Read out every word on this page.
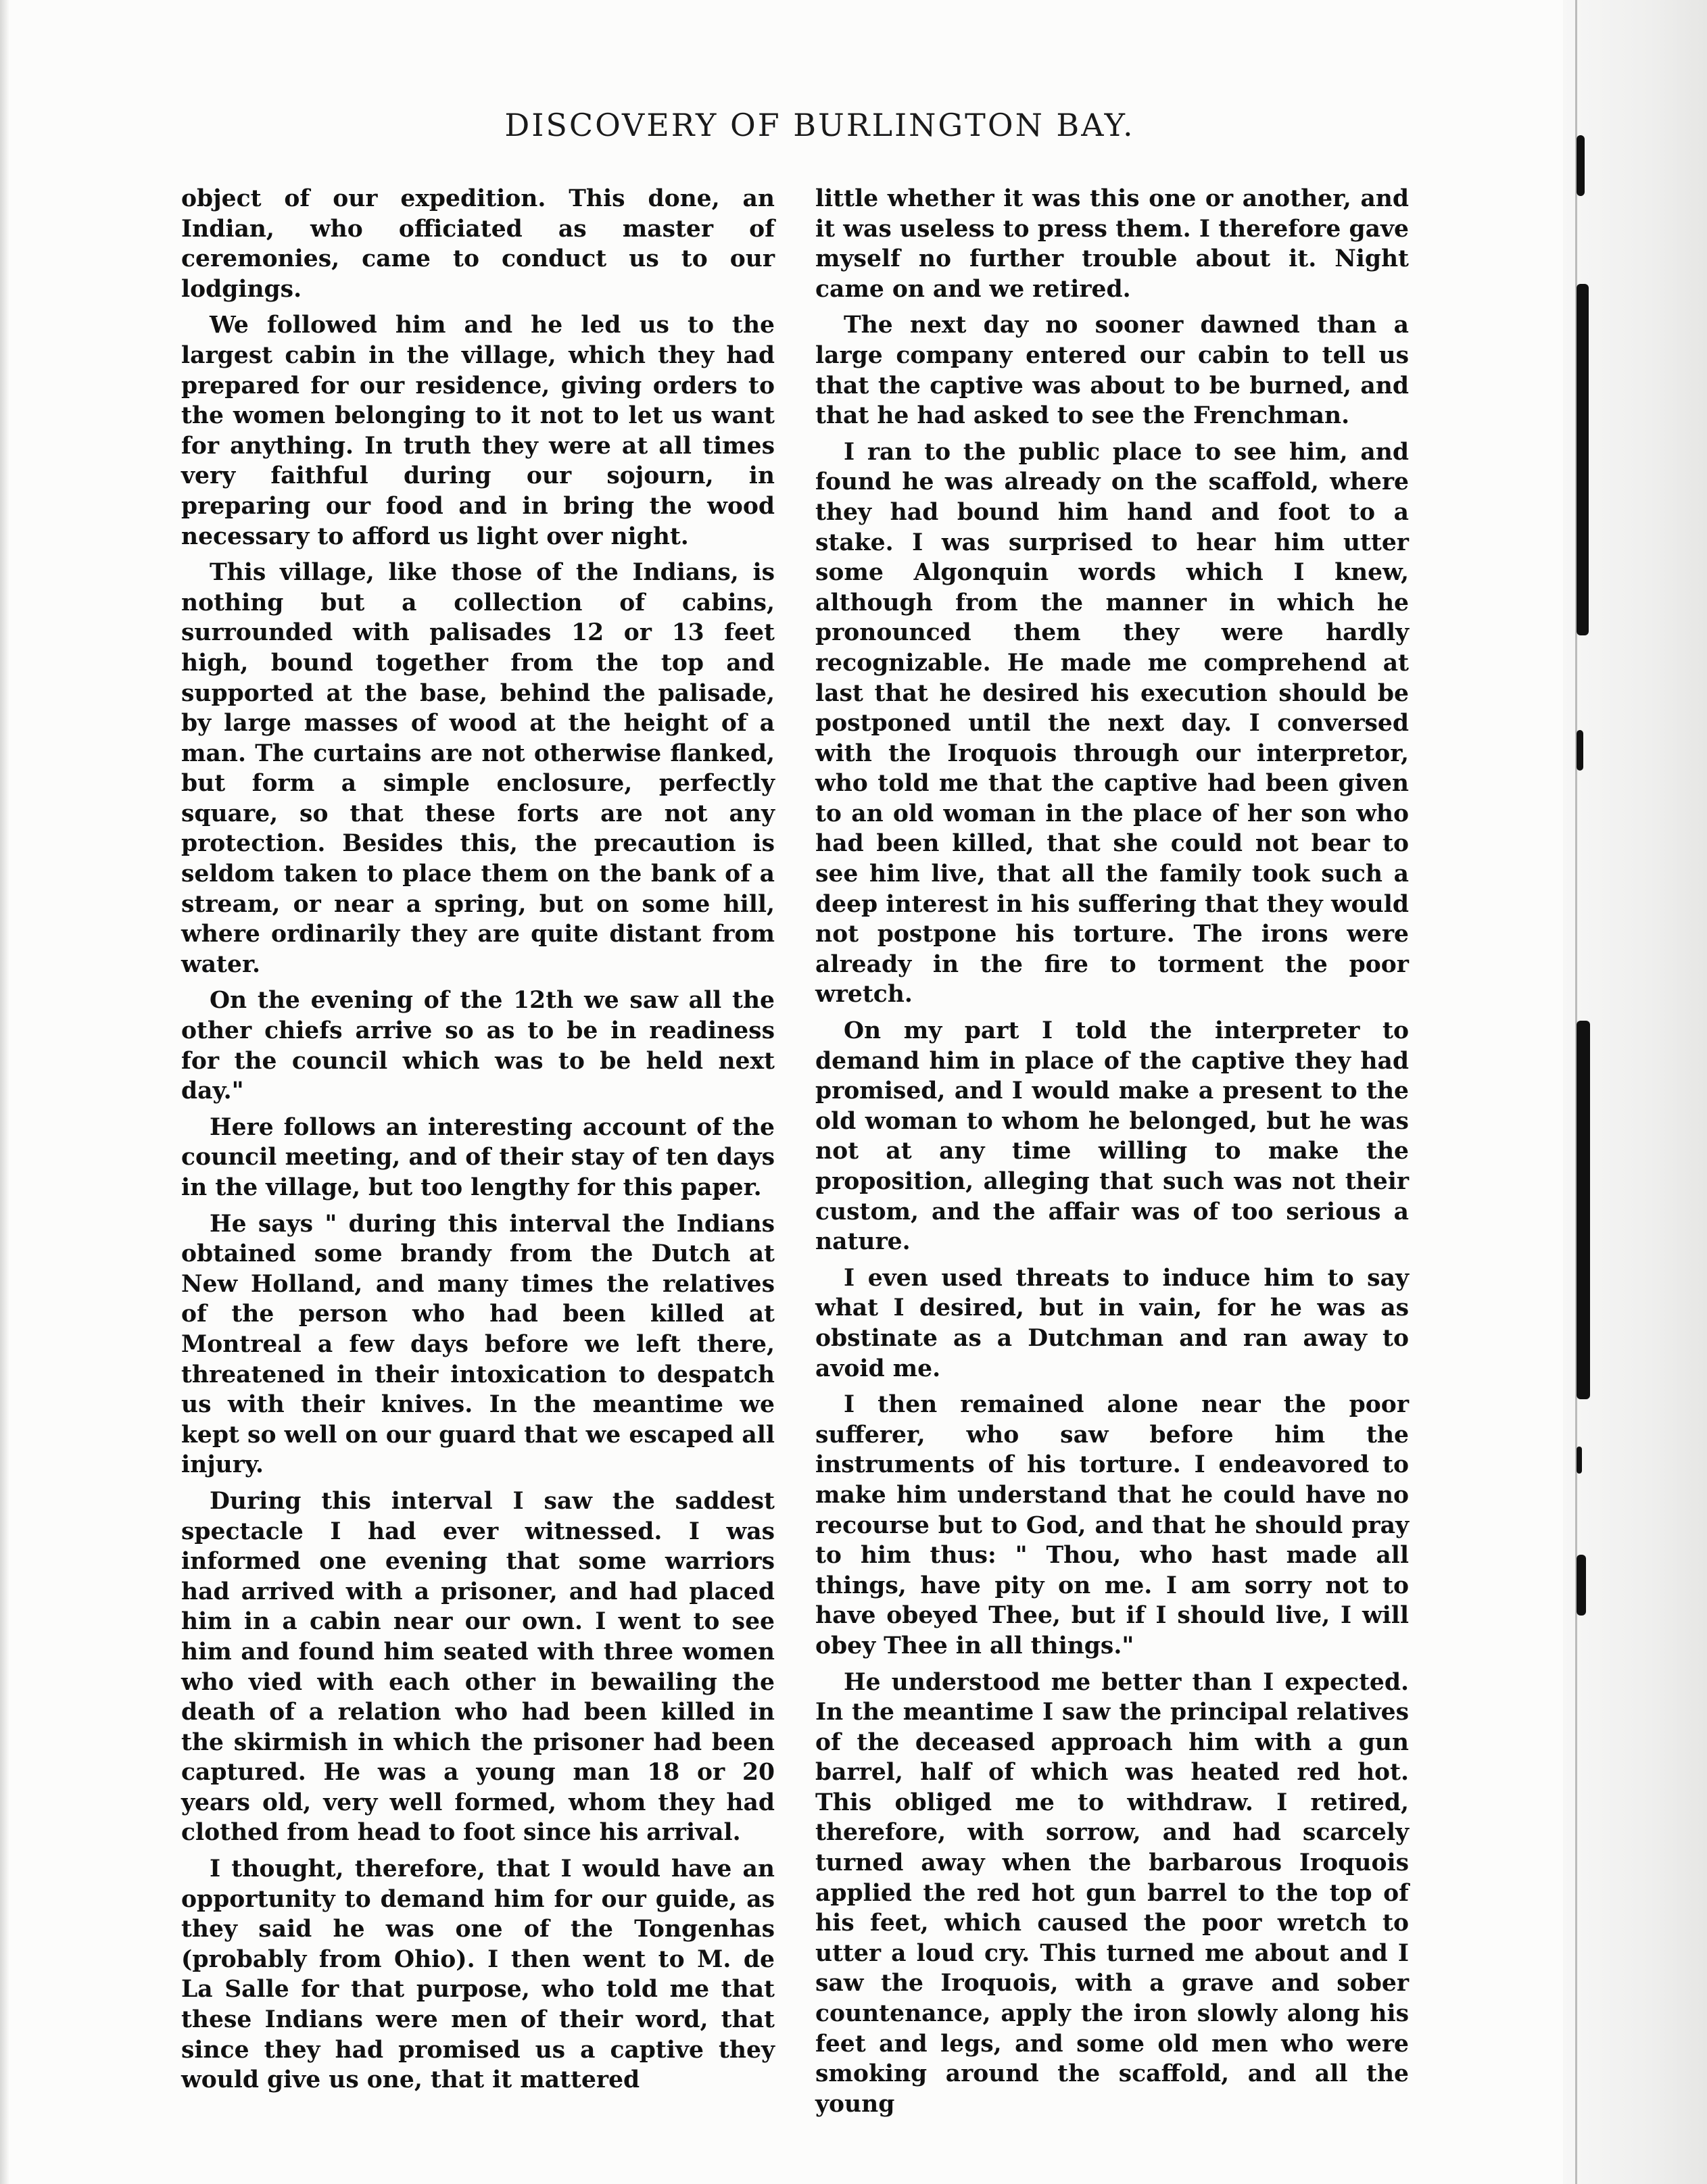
DISCOVERY OF BURLINGTON BAY.

object of our expedition. This done, an Indian, who officiated as master of ceremonies, came to conduct us to our lodgings.

We followed him and he led us to the largest cabin in the village, which they had prepared for our residence, giving orders to the women belonging to it not to let us want for anything. In truth they were at all times very faithful during our sojourn, in preparing our food and in bring the wood necessary to afford us light over night.

This village, like those of the Indians, is nothing but a collection of cabins, surrounded with palisades 12 or 13 feet high, bound together from the top and supported at the base, behind the palisade, by large masses of wood at the height of a man. The curtains are not otherwise flanked, but form a simple enclosure, perfectly square, so that these forts are not any protection. Besides this, the precaution is seldom taken to place them on the bank of a stream, or near a spring, but on some hill, where ordinarily they are quite distant from water.

On the evening of the 12th we saw all the other chiefs arrive so as to be in readiness for the council which was to be held next day."

Here follows an interesting account of the council meeting, and of their stay of ten days in the village, but too lengthy for this paper.

He says " during this interval the Indians obtained some brandy from the Dutch at New Holland, and many times the relatives of the person who had been killed at Montreal a few days before we left there, threatened in their intoxication to despatch us with their knives. In the meantime we kept so well on our guard that we escaped all injury.

During this interval I saw the saddest spectacle I had ever witnessed. I was informed one evening that some warriors had arrived with a prisoner, and had placed him in a cabin near our own. I went to see him and found him seated with three women who vied with each other in bewailing the death of a relation who had been killed in the skirmish in which the prisoner had been captured. He was a young man 18 or 20 years old, very well formed, whom they had clothed from head to foot since his arrival.

I thought, therefore, that I would have an opportunity to demand him for our guide, as they said he was one of the Tongenhas (probably from Ohio). I then went to M. de La Salle for that purpose, who told me that these Indians were men of their word, that since they had promised us a captive they would give us one, that it mattered

little whether it was this one or another, and it was useless to press them. I therefore gave myself no further trouble about it. Night came on and we retired.

The next day no sooner dawned than a large company entered our cabin to tell us that the captive was about to be burned, and that he had asked to see the Frenchman.

I ran to the public place to see him, and found he was already on the scaffold, where they had bound him hand and foot to a stake. I was surprised to hear him utter some Algonquin words which I knew, although from the manner in which he pronounced them they were hardly recognizable. He made me comprehend at last that he desired his execution should be postponed until the next day. I conversed with the Iroquois through our interpretor, who told me that the captive had been given to an old woman in the place of her son who had been killed, that she could not bear to see him live, that all the family took such a deep interest in his suffering that they would not postpone his torture. The irons were already in the fire to torment the poor wretch.

On my part I told the interpreter to demand him in place of the captive they had promised, and I would make a present to the old woman to whom he belonged, but he was not at any time willing to make the proposition, alleging that such was not their custom, and the affair was of too serious a nature.

I even used threats to induce him to say what I desired, but in vain, for he was as obstinate as a Dutchman and ran away to avoid me.

I then remained alone near the poor sufferer, who saw before him the instruments of his torture. I endeavored to make him understand that he could have no recourse but to God, and that he should pray to him thus: " Thou, who hast made all things, have pity on me. I am sorry not to have obeyed Thee, but if I should live, I will obey Thee in all things."

He understood me better than I expected. In the meantime I saw the principal relatives of the deceased approach him with a gun barrel, half of which was heated red hot. This obliged me to withdraw. I retired, therefore, with sorrow, and had scarcely turned away when the barbarous Iroquois applied the red hot gun barrel to the top of his feet, which caused the poor wretch to utter a loud cry. This turned me about and I saw the Iroquois, with a grave and sober countenance, apply the iron slowly along his feet and legs, and some old men who were smoking around the scaffold, and all the young
